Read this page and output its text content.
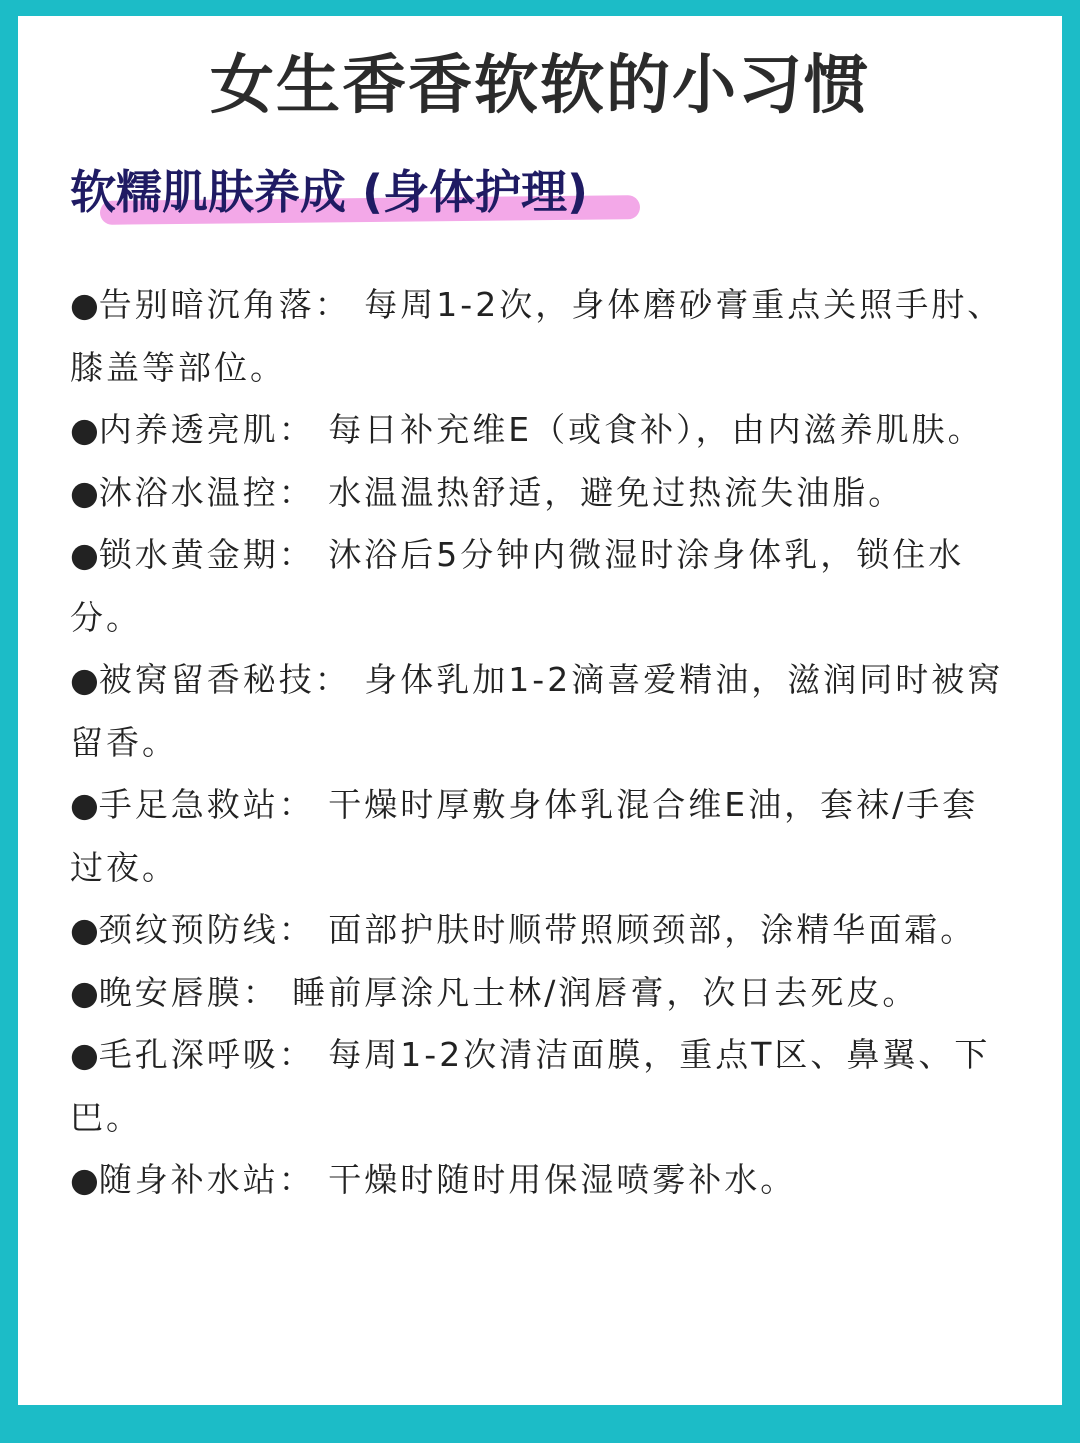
女生香香软软的小习惯
软糯肌肤养成 (身体护理)
●告别暗沉角落： 每周1-2次，身体磨砂膏重点关照手肘、膝盖等部位。
●内养透亮肌： 每日补充维E（或食补），由内滋养肌肤。
●沐浴水温控： 水温温热舒适，避免过热流失油脂。
●锁水黄金期： 沐浴后5分钟内微湿时涂身体乳，锁住水分。
●被窝留香秘技： 身体乳加1-2滴喜爱精油，滋润同时被窝留香。
●手足急救站： 干燥时厚敷身体乳混合维E油，套袜/手套过夜。
●颈纹预防线： 面部护肤时顺带照顾颈部，涂精华面霜。
●晚安唇膜： 睡前厚涂凡士林/润唇膏，次日去死皮。
●毛孔深呼吸： 每周1-2次清洁面膜，重点T区、鼻翼、下巴。
●随身补水站： 干燥时随时用保湿喷雾补水。
